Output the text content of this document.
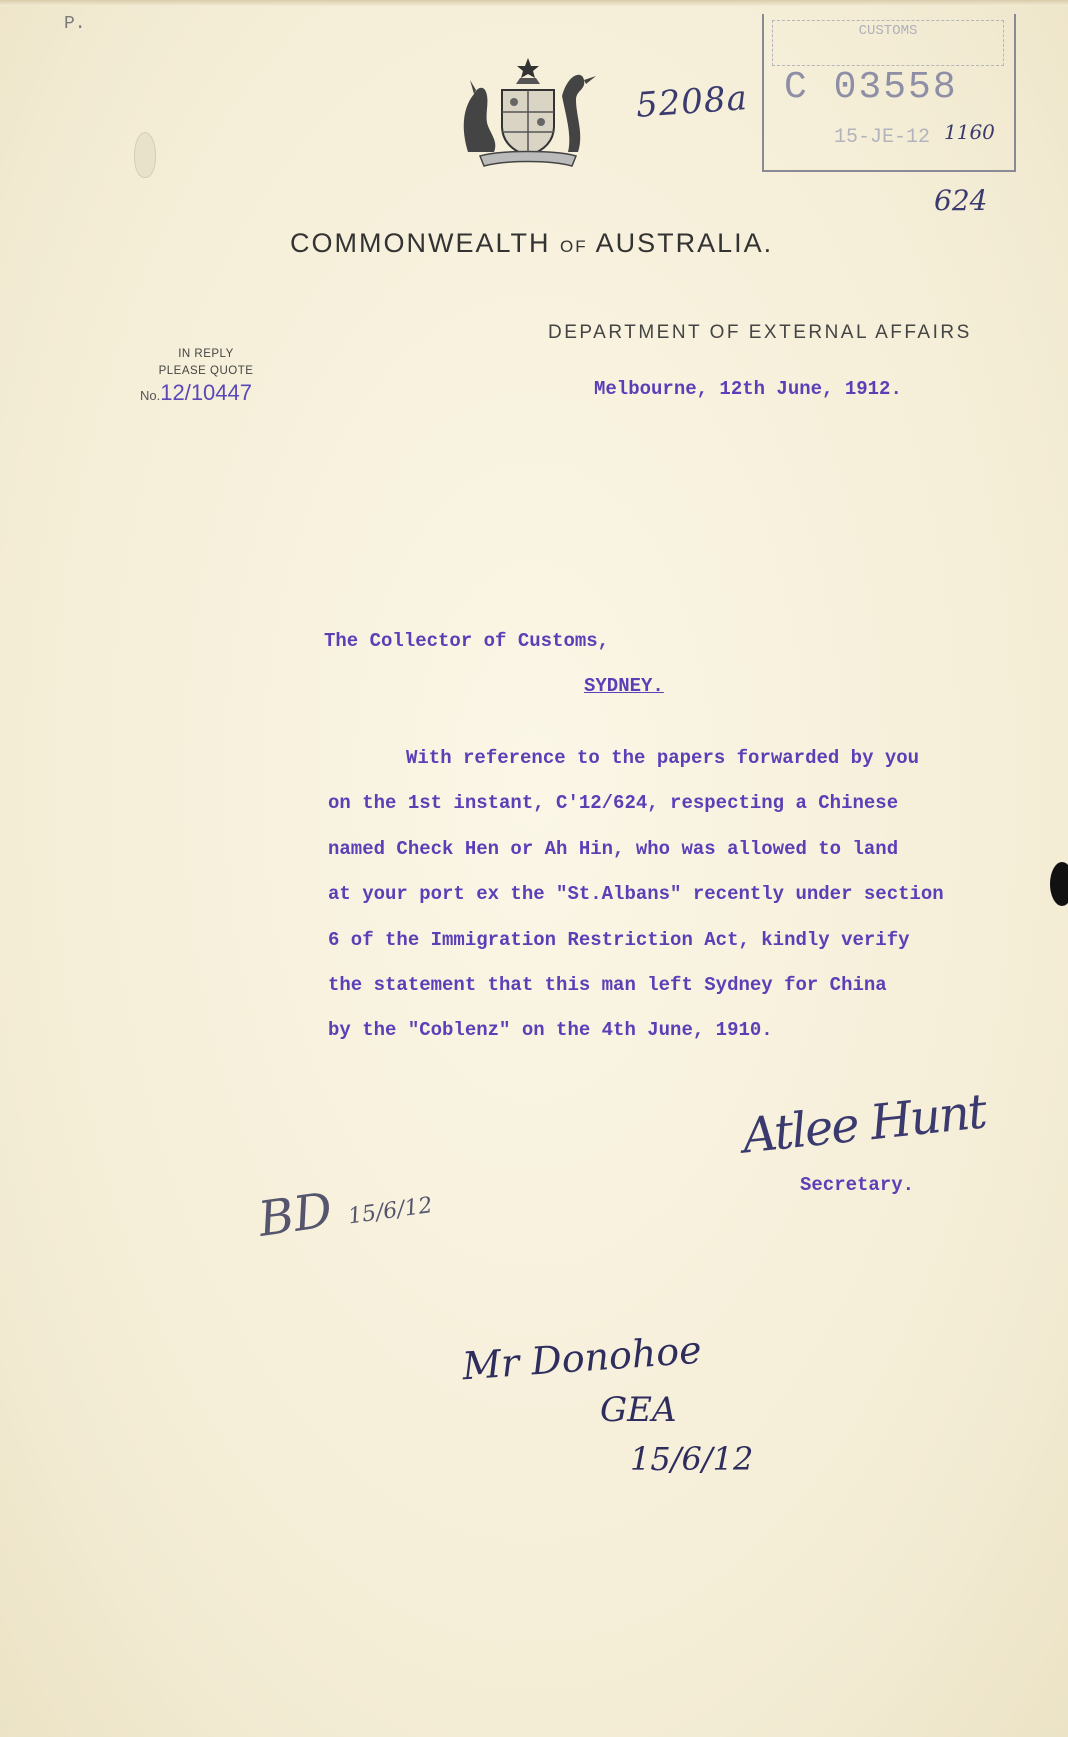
P.
5208a
CUSTOMS
C 03558
15-JE-12 1160
624
COMMONWEALTH OF AUSTRALIA.
DEPARTMENT OF EXTERNAL AFFAIRS
IN REPLY
PLEASE QUOTE
No.12/10447	Melbourne, 12th June, 1912.
The Collector of Customs,
SYDNEY.
With reference to the papers forwarded by you
on the 1st instant, C'12/624, respecting a Chinese
named Check Hen or Ah Hin, who was allowed to land
at your port ex the "St.Albans" recently under section
6 of the Immigration Restriction Act, kindly verify
the statement that this man left Sydney for China
by the "Coblenz" on the 4th June, 1910.
Atlee Hunt
Secretary.
BD 15/6/12
Mr Donohoe
GEA
15/6/12
